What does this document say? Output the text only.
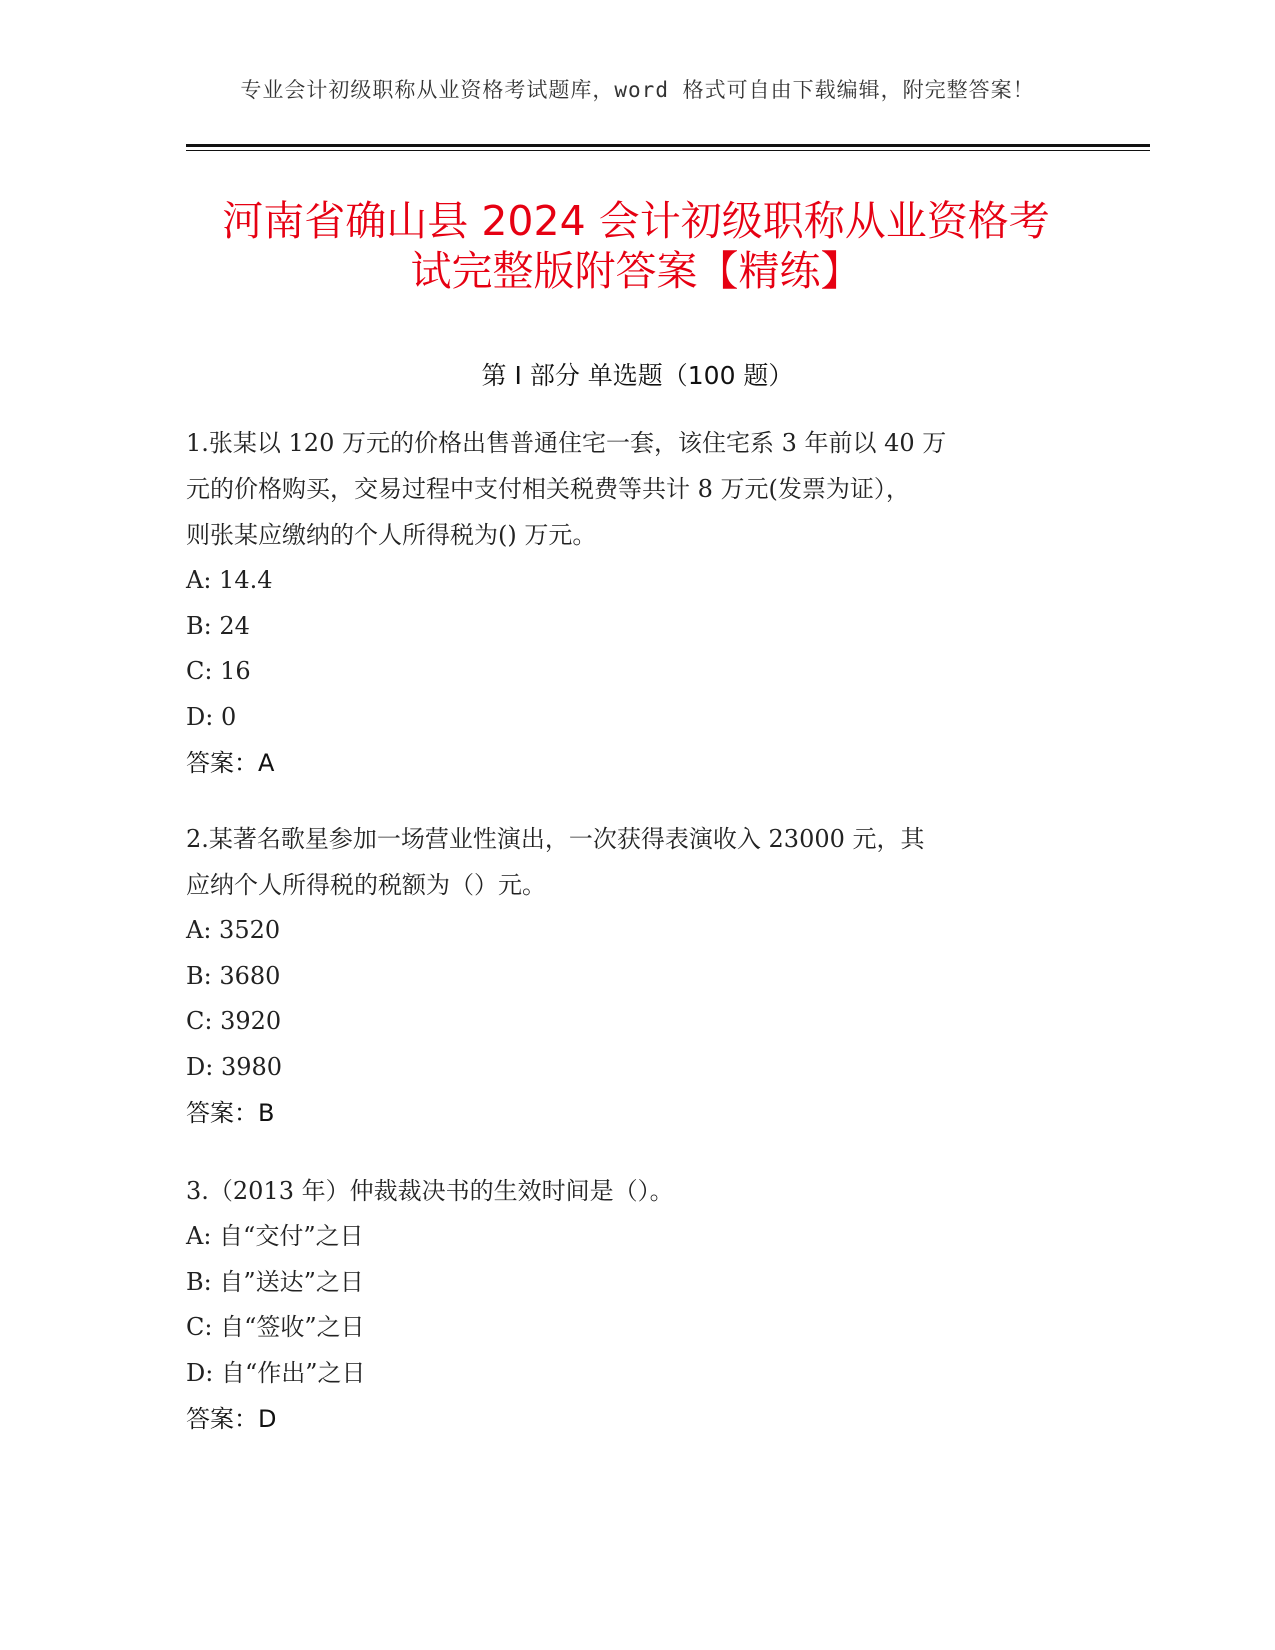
专业会计初级职称从业资格考试题库，word 格式可自由下载编辑，附完整答案！
河南省确山县 2024 会计初级职称从业资格考
试完整版附答案【精练】
第 I 部分 单选题（100 题）
1.张某以 120 万元的价格出售普通住宅一套，该住宅系 3 年前以 40 万
元的价格购买，交易过程中支付相关税费等共计 8 万元(发票为证），
则张某应缴纳的个人所得税为() 万元。
A: 14.4
B: 24
C: 16
D: 0
答案：A
2.某著名歌星参加一场营业性演出，一次获得表演收入 23000 元，其
应纳个人所得税的税额为（）元。
A: 3520
B: 3680
C: 3920
D: 3980
答案：B
3.（2013 年）仲裁裁决书的生效时间是（）。
A: 自“交付”之日
B: 自”送达”之日
C: 自“签收”之日
D: 自“作出”之日
答案：D
